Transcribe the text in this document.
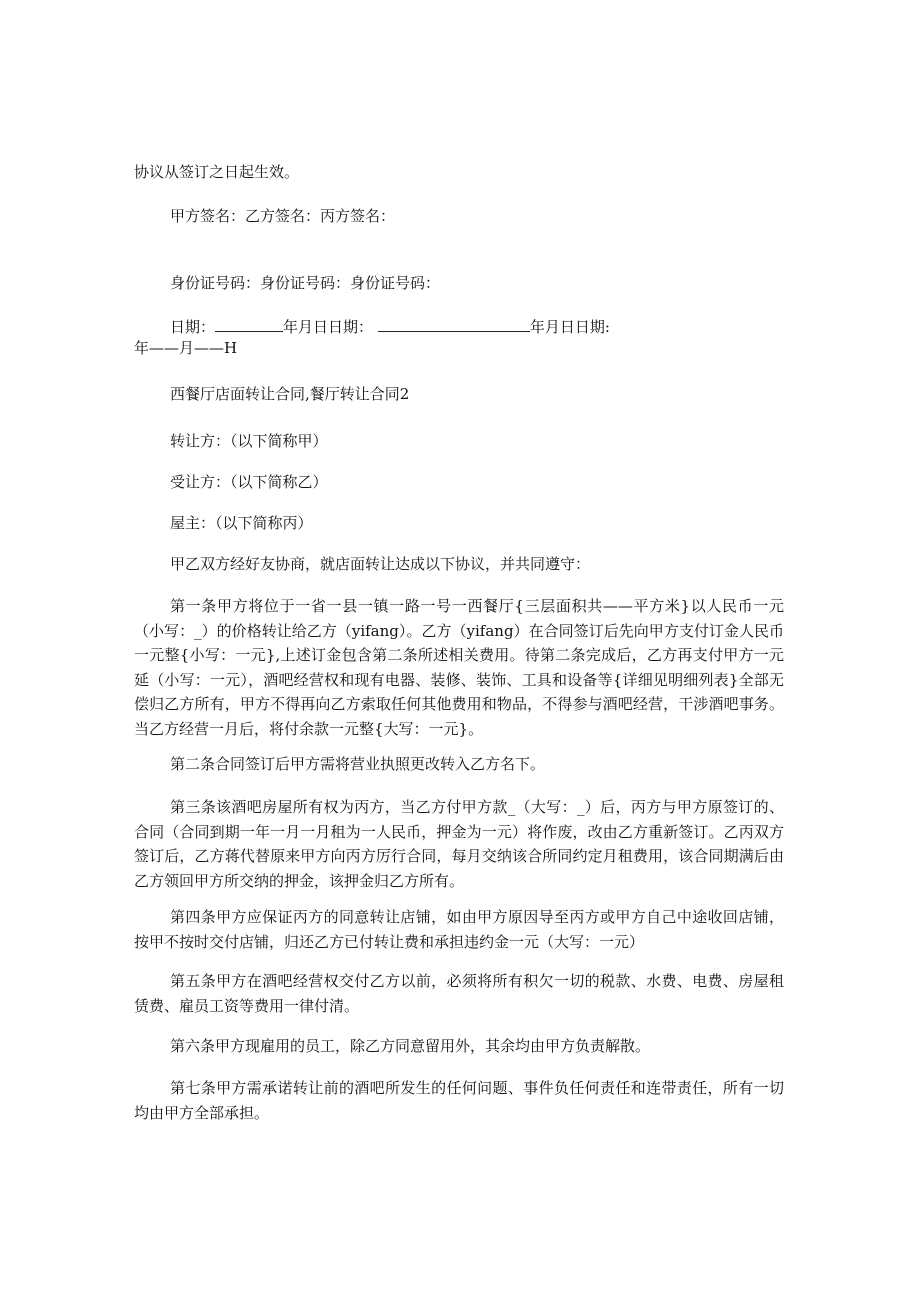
协议从签订之日起生效。
甲方签名：乙方签名：丙方签名：
身份证号码：身份证号码：身份证号码：
日期：	年月日日期：	年月日日期:
年——月——H
西餐厅店面转让合同,餐厅转让合同2
转让方：（以下简称甲）
受让方：（以下简称乙）
屋主：（以下简称丙）
甲乙双方经好友协商，就店面转让达成以下协议，并共同遵守：
第一条甲方将位于一省一县一镇一路一号一西餐厅{三层面积共——平方米}以人民币一元（小写：_）的价格转让给乙方（yifang）。乙方（yifang）在合同签订后先向甲方支付订金人民币一元整{小写：一元},上述订金包含第二条所述相关费用。待第二条完成后，乙方再支付甲方一元延（小写：一元），酒吧经营权和现有电器、装修、装饰、工具和设备等{详细见明细列表}全部无偿归乙方所有，甲方不得再向乙方索取任何其他费用和物品，不得参与酒吧经营，干涉酒吧事务。当乙方经营一月后，将付余款一元整{大写：一元}。
第二条合同签订后甲方需将营业执照更改转入乙方名下。
第三条该酒吧房屋所有权为丙方，当乙方付甲方款_（大写：_）后，丙方与甲方原签订的、合同（合同到期一年一月一月租为一人民币，押金为一元）将作废，改由乙方重新签订。乙丙双方签订后，乙方蒋代替原来甲方向丙方厉行合同，每月交纳该合所同约定月租费用，该合同期满后由乙方领回甲方所交纳的押金，该押金归乙方所有。
第四条甲方应保证丙方的同意转让店铺，如由甲方原因导至丙方或甲方自己中途收回店铺，按甲不按时交付店铺，归还乙方已付转让费和承担违约金一元（大写：一元）
第五条甲方在酒吧经营权交付乙方以前，必须将所有积欠一切的税款、水费、电费、房屋租赁费、雇员工资等费用一律付清。
第六条甲方现雇用的员工，除乙方同意留用外，其余均由甲方负责解散。
第七条甲方需承诺转让前的酒吧所发生的任何问题、事件负任何责任和连带责任，所有一切均由甲方全部承担。
